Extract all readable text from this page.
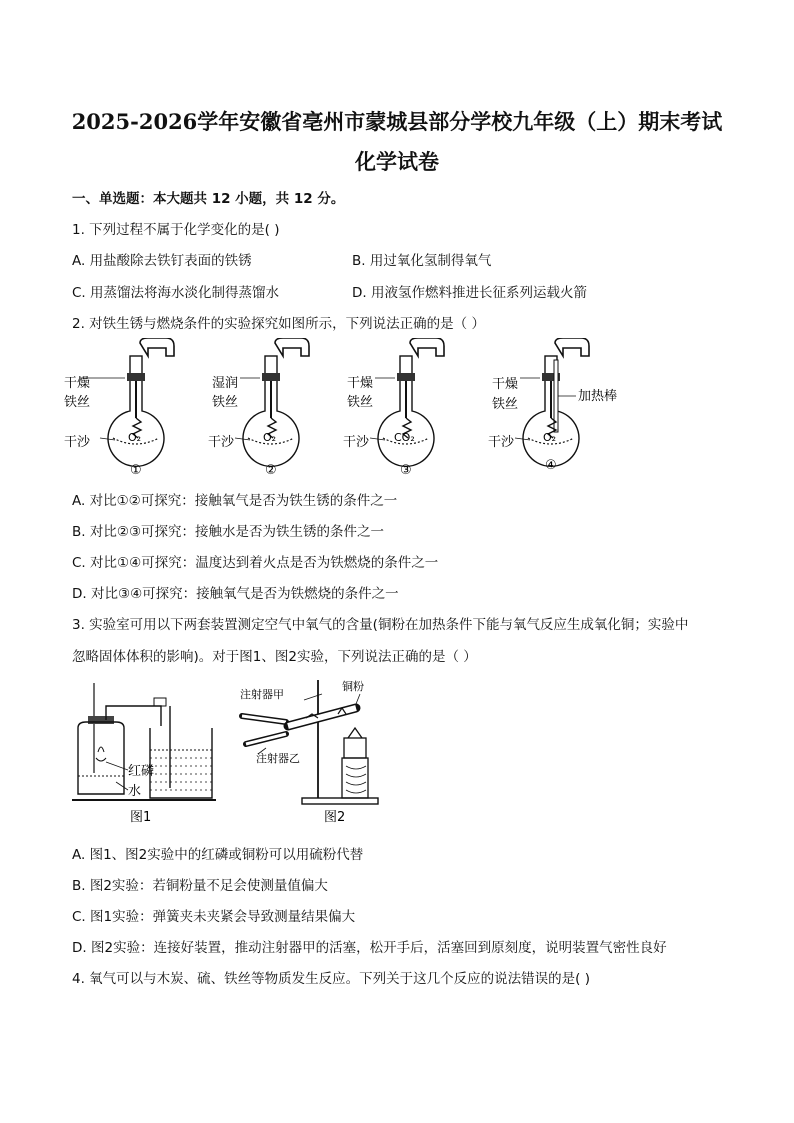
2025-2026学年安徽省亳州市蒙城县部分学校九年级（上）期末考试
化学试卷
一、单选题：本大题共 12 小题，共 12 分。
1. 下列过程不属于化学变化的是( )
A. 用盐酸除去铁钉表面的铁锈	B. 用过氧化氢制得氧气
C. 用蒸馏法将海水淡化制得蒸馏水	D. 用液氢作燃料推进长征系列运载火箭
2. 对铁生锈与燃烧条件的实验探究如图所示，下列说法正确的是（ ）
O₂
干燥
铁丝
干沙
①
O₂
湿润
铁丝
干沙
②
CO₂
干燥
铁丝
干沙
③
O₂
干燥
铁丝
加热棒
干沙
④
A. 对比①②可探究：接触氧气是否为铁生锈的条件之一
B. 对比②③可探究：接触水是否为铁生锈的条件之一
C. 对比①④可探究：温度达到着火点是否为铁燃烧的条件之一
D. 对比③④可探究：接触氧气是否为铁燃烧的条件之一
3. 实验室可用以下两套装置测定空气中氧气的含量(铜粉在加热条件下能与氧气反应生成氧化铜；实验中
忽略固体体积的影响)。对于图1、图2实验，下列说法正确的是（ ）
红磷
水
图1
注射器甲
注射器乙
铜粉
图2
A. 图1、图2实验中的红磷或铜粉可以用硫粉代替
B. 图2实验：若铜粉量不足会使测量值偏大
C. 图1实验：弹簧夹未夹紧会导致测量结果偏大
D. 图2实验：连接好装置，推动注射器甲的活塞，松开手后，活塞回到原刻度，说明装置气密性良好
4. 氧气可以与木炭、硫、铁丝等物质发生反应。下列关于这几个反应的说法错误的是( )
